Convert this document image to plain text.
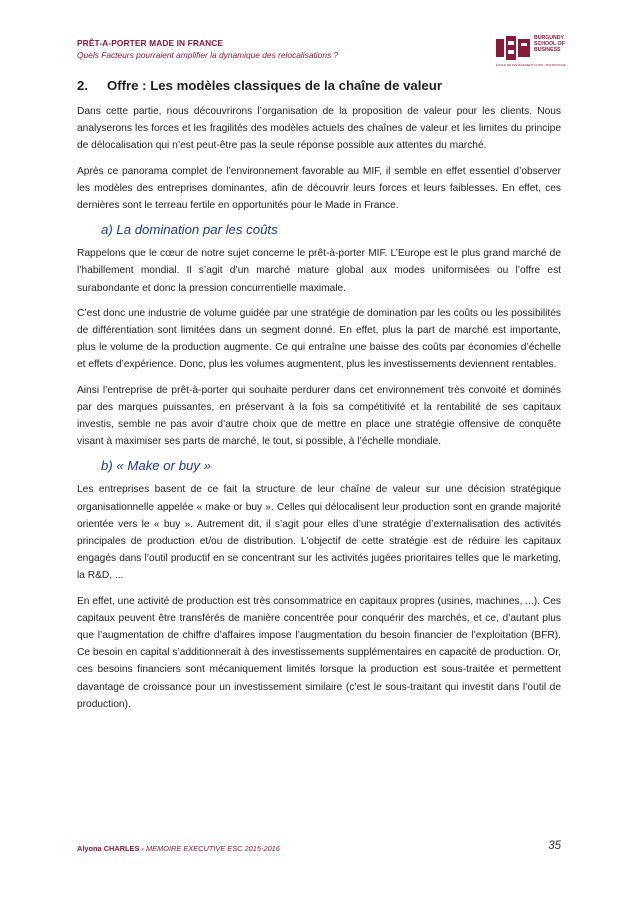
PRÊT-A-PORTER MADE IN FRANCE
Quels Facteurs pourraient amplifier la dynamique des relocalisations ?
BURGUNDY
SCHOOL OF
BUSINESS
ÉCOLE DE MANAGEMENT DIJON - BOURGOGNE
2. Offre : Les modèles classiques de la chaîne de valeur

Dans cette partie, nous découvrirons l’organisation de la proposition de valeur pour les clients. Nous analyserons les forces et les fragilités des modèles actuels des chaînes de valeur et les limites du principe de délocalisation qui n’est peut-être pas la seule réponse possible aux attentes du marché.

Après ce panorama complet de l’environnement favorable au MIF, il semble en effet essentiel d’observer les modèles des entreprises dominantes, afin de découvrir leurs forces et leurs faiblesses. En effet, ces dernières sont le terreau fertile en opportunités pour le Made in France.

a) La domination par les coûts

Rappelons que le cœur de notre sujet concerne le prêt-à-porter MIF. L’Europe est le plus grand marché de l’habillement mondial. Il s’agit d’un marché mature global aux modes uniformisées ou l’offre est surabondante et donc la pression concurrentielle maximale.

C’est donc une industrie de volume guidée par une stratégie de domination par les coûts ou les possibilités de différentiation sont limitées dans un segment donné. En effet, plus la part de marché est importante, plus le volume de la production augmente. Ce qui entraîne une baisse des coûts par économies d’échelle et effets d’expérience. Donc, plus les volumes augmentent, plus les investissements deviennent rentables.

Ainsi l’entreprise de prêt-à-porter qui souhaite perdurer dans cet environnement très convoité et dominés par des marques puissantes, en préservant à la fois sa compétitivité et la rentabilité de ses capitaux investis, semble ne pas avoir d’autre choix que de mettre en place une stratégie offensive de conquête visant à maximiser ses parts de marché, le tout, si possible, à l’échelle mondiale.

b) « Make or buy »

Les entreprises basent de ce fait la structure de leur chaîne de valeur sur une décision stratégique organisationnelle appelée « make or buy ». Celles qui délocalisent leur production sont en grande majorité orientée vers le « buy ». Autrement dit, il s’agit pour elles d’une stratégie d’externalisation des activités principales de production et/ou de distribution. L’objectif de cette stratégie est de réduire les capitaux engagés dans l’outil productif en se concentrant sur les activités jugées prioritaires telles que le marketing, la R&D, ...

En effet, une activité de production est très consommatrice en capitaux propres (usines, machines, ...). Ces capitaux peuvent être transférés de manière concentrée pour conquérir des marchés, et ce, d’autant plus que l’augmentation de chiffre d’affaires impose l’augmentation du besoin financier de l’exploitation (BFR). Ce besoin en capital s’additionnerait à des investissements supplémentaires en capacité de production. Or, ces besoins financiers sont mécaniquement limités lorsque la production est sous-traitée et permettent davantage de croissance pour un investissement similaire (c’est le sous-traitant qui investit dans l’outil de production).

Alyona CHARLES - MEMOIRE EXECUTIVE ESC 2015-2016	35
